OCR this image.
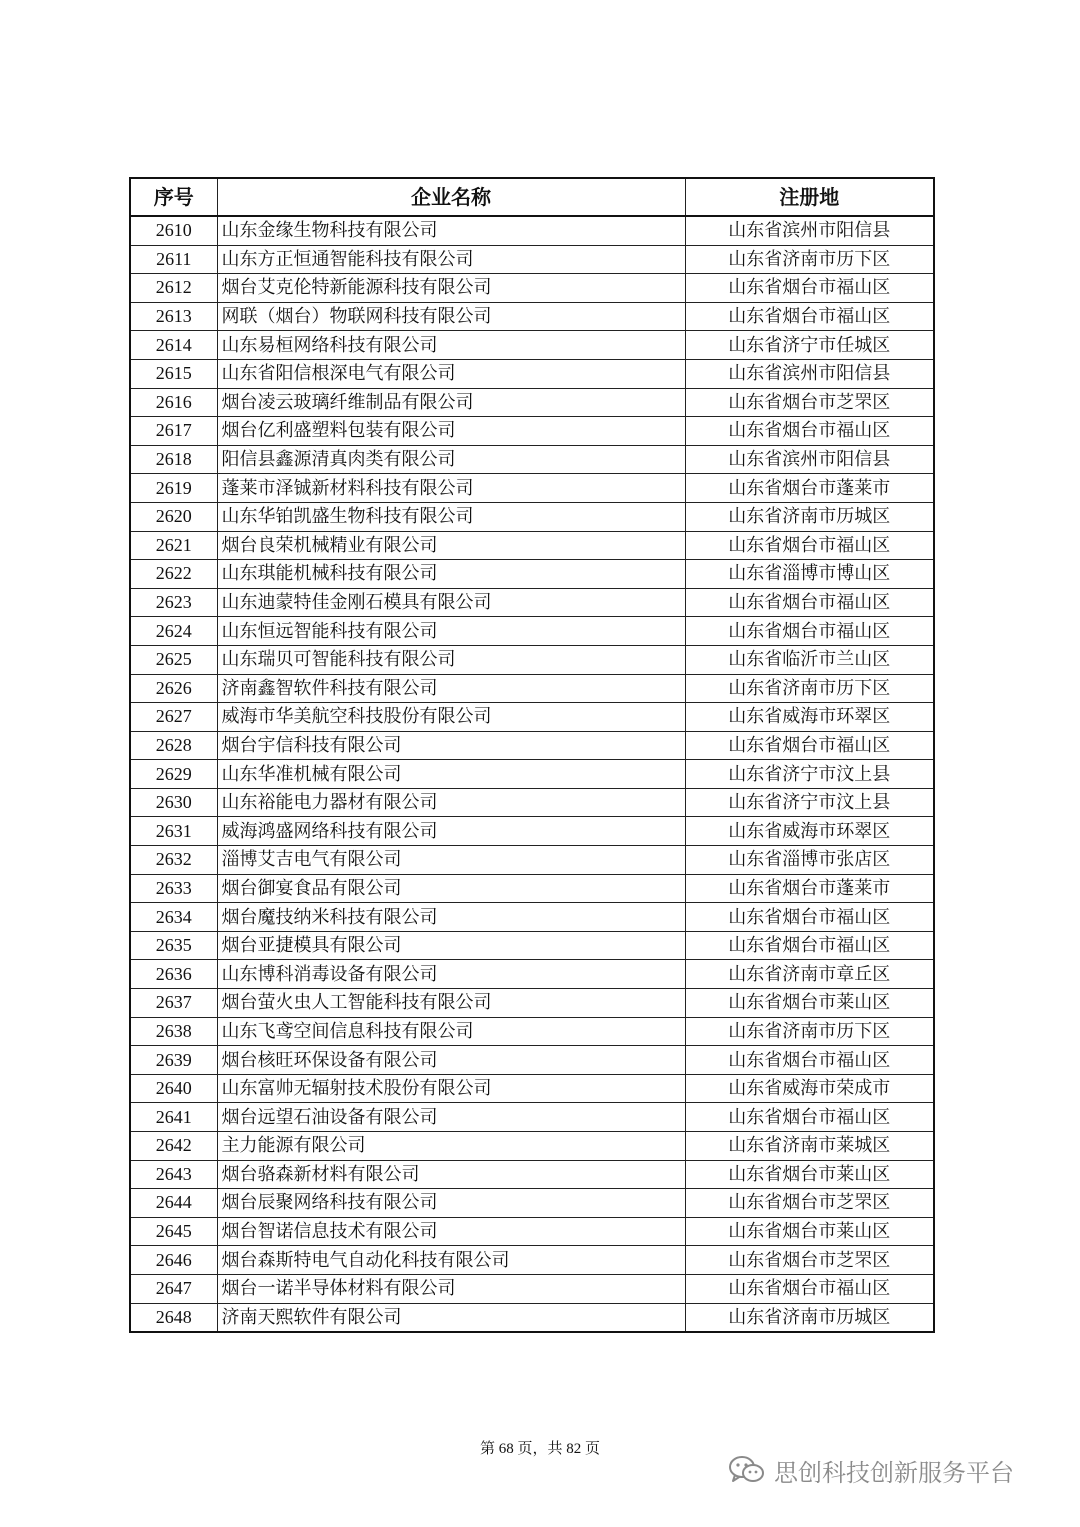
序号	企业名称	注册地
2610	山东金缘生物科技有限公司	山东省滨州市阳信县
2611	山东方正恒通智能科技有限公司	山东省济南市历下区
2612	烟台艾克伦特新能源科技有限公司	山东省烟台市福山区
2613	网联（烟台）物联网科技有限公司	山东省烟台市福山区
2614	山东易桓网络科技有限公司	山东省济宁市任城区
2615	山东省阳信根深电气有限公司	山东省滨州市阳信县
2616	烟台凌云玻璃纤维制品有限公司	山东省烟台市芝罘区
2617	烟台亿利盛塑料包装有限公司	山东省烟台市福山区
2618	阳信县鑫源清真肉类有限公司	山东省滨州市阳信县
2619	蓬莱市泽铖新材料科技有限公司	山东省烟台市蓬莱市
2620	山东华铂凯盛生物科技有限公司	山东省济南市历城区
2621	烟台良荣机械精业有限公司	山东省烟台市福山区
2622	山东琪能机械科技有限公司	山东省淄博市博山区
2623	山东迪蒙特佳金刚石模具有限公司	山东省烟台市福山区
2624	山东恒远智能科技有限公司	山东省烟台市福山区
2625	山东瑞贝可智能科技有限公司	山东省临沂市兰山区
2626	济南鑫智软件科技有限公司	山东省济南市历下区
2627	威海市华美航空科技股份有限公司	山东省威海市环翠区
2628	烟台宇信科技有限公司	山东省烟台市福山区
2629	山东华准机械有限公司	山东省济宁市汶上县
2630	山东裕能电力器材有限公司	山东省济宁市汶上县
2631	威海鸿盛网络科技有限公司	山东省威海市环翠区
2632	淄博艾吉电气有限公司	山东省淄博市张店区
2633	烟台御宴食品有限公司	山东省烟台市蓬莱市
2634	烟台魔技纳米科技有限公司	山东省烟台市福山区
2635	烟台亚捷模具有限公司	山东省烟台市福山区
2636	山东博科消毒设备有限公司	山东省济南市章丘区
2637	烟台萤火虫人工智能科技有限公司	山东省烟台市莱山区
2638	山东飞鸢空间信息科技有限公司	山东省济南市历下区
2639	烟台核旺环保设备有限公司	山东省烟台市福山区
2640	山东富帅无辐射技术股份有限公司	山东省威海市荣成市
2641	烟台远望石油设备有限公司	山东省烟台市福山区
2642	主力能源有限公司	山东省济南市莱城区
2643	烟台骆森新材料有限公司	山东省烟台市莱山区
2644	烟台辰聚网络科技有限公司	山东省烟台市芝罘区
2645	烟台智诺信息技术有限公司	山东省烟台市莱山区
2646	烟台森斯特电气自动化科技有限公司	山东省烟台市芝罘区
2647	烟台一诺半导体材料有限公司	山东省烟台市福山区
2648	济南天熙软件有限公司	山东省济南市历城区
第 68 页，共 82 页
思创科技创新服务平台
